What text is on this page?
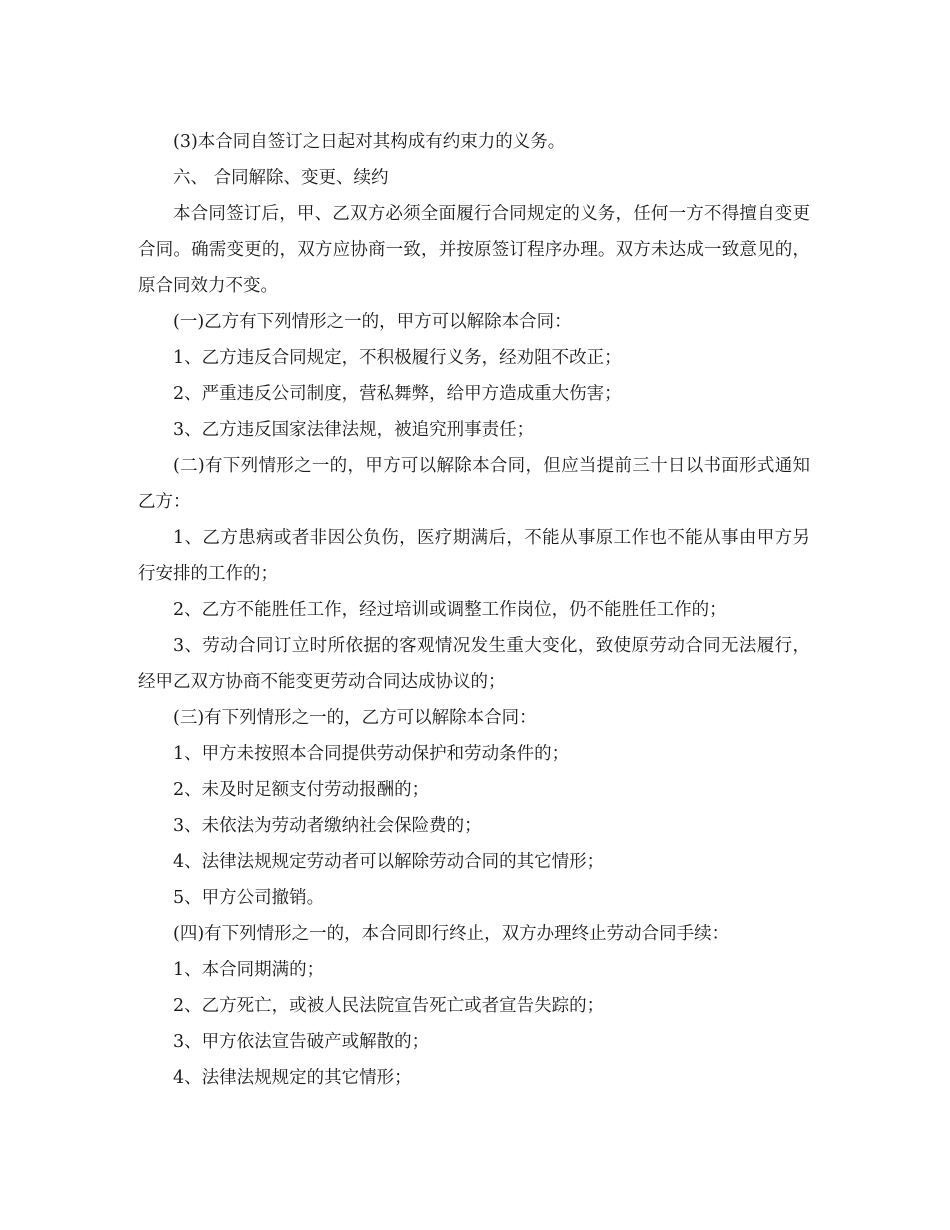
(3)本合同自签订之日起对其构成有约束力的义务。

六、 合同解除、变更、续约

本合同签订后，甲、乙双方必须全面履行合同规定的义务，任何一方不得擅自变更合同。确需变更的，双方应协商一致，并按原签订程序办理。双方未达成一致意见的，原合同效力不变。

(一)乙方有下列情形之一的，甲方可以解除本合同：

1、乙方违反合同规定，不积极履行义务，经劝阻不改正；

2、严重违反公司制度，营私舞弊，给甲方造成重大伤害；

3、乙方违反国家法律法规，被追究刑事责任；

(二)有下列情形之一的，甲方可以解除本合同，但应当提前三十日以书面形式通知乙方：

1、乙方患病或者非因公负伤，医疗期满后，不能从事原工作也不能从事由甲方另行安排的工作的；

2、乙方不能胜任工作，经过培训或调整工作岗位，仍不能胜任工作的；

3、劳动合同订立时所依据的客观情况发生重大变化，致使原劳动合同无法履行，经甲乙双方协商不能变更劳动合同达成协议的；

(三)有下列情形之一的，乙方可以解除本合同：

1、甲方未按照本合同提供劳动保护和劳动条件的；

2、未及时足额支付劳动报酬的；

3、未依法为劳动者缴纳社会保险费的；

4、法律法规规定劳动者可以解除劳动合同的其它情形；

5、甲方公司撤销。

(四)有下列情形之一的，本合同即行终止，双方办理终止劳动合同手续：

1、本合同期满的；

2、乙方死亡，或被人民法院宣告死亡或者宣告失踪的；

3、甲方依法宣告破产或解散的；

4、法律法规规定的其它情形；
